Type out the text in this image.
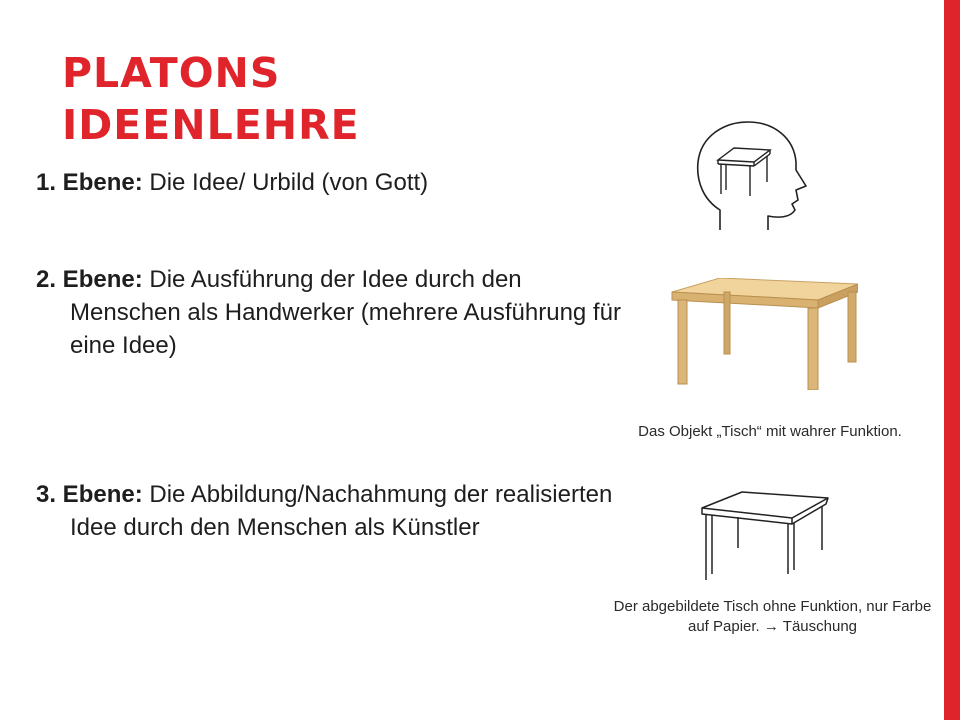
PLATONS
IDEENLEHRE

1. Ebene: Die Idee/ Urbild (von Gott)

2. Ebene: Die Ausführung der Idee durch den Menschen als Handwerker (mehrere Ausführung für eine Idee)

3. Ebene: Die Abbildung/Nachahmung der realisierten Idee durch den Menschen als Künstler

Das Objekt „Tisch“ mit wahrer Funktion.
Der abgebildete Tisch ohne Funktion, nur Farbe auf Papier. → Täuschung
